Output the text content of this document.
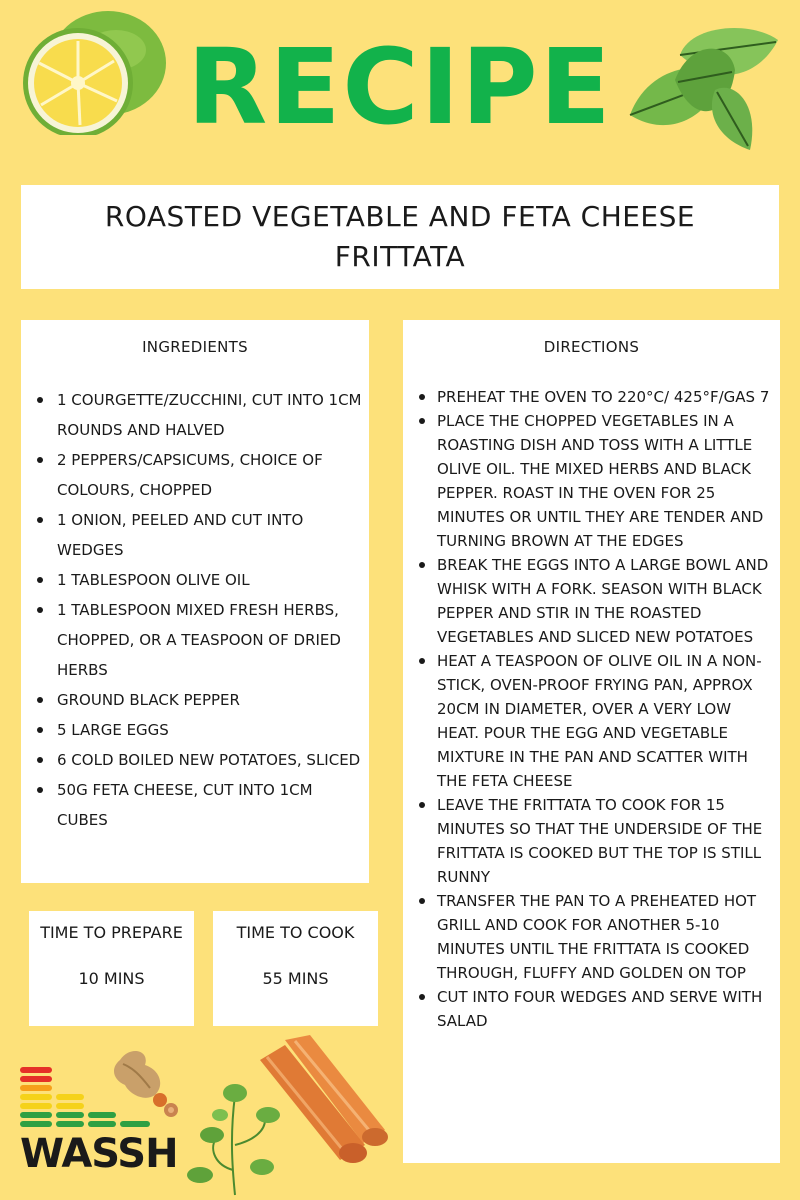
RECIPE
ROASTED VEGETABLE AND FETA CHEESE FRITTATA
INGREDIENTS
1 COURGETTE/ZUCCHINI, CUT INTO 1CM ROUNDS AND HALVED
2 PEPPERS/CAPSICUMS, CHOICE OF COLOURS, CHOPPED
1 ONION, PEELED AND CUT INTO WEDGES
1 TABLESPOON OLIVE OIL
1 TABLESPOON MIXED FRESH HERBS, CHOPPED, OR A TEASPOON OF DRIED HERBS
GROUND BLACK PEPPER
5 LARGE EGGS
6 COLD BOILED NEW POTATOES, SLICED
50G FETA CHEESE, CUT INTO 1CM CUBES
DIRECTIONS
PREHEAT THE OVEN TO 220°C/ 425°F/GAS 7
PLACE THE CHOPPED VEGETABLES IN A ROASTING DISH AND TOSS WITH A LITTLE OLIVE OIL. THE MIXED HERBS AND BLACK PEPPER. ROAST IN THE OVEN FOR 25 MINUTES OR UNTIL THEY ARE TENDER AND TURNING BROWN AT THE EDGES
BREAK THE EGGS INTO A LARGE BOWL AND WHISK WITH A FORK. SEASON WITH BLACK PEPPER AND STIR IN THE ROASTED VEGETABLES AND SLICED NEW POTATOES
HEAT A TEASPOON OF OLIVE OIL IN A NON-STICK, OVEN-PROOF FRYING PAN, APPROX 20CM IN DIAMETER, OVER A VERY LOW HEAT. POUR THE EGG AND VEGETABLE MIXTURE IN THE PAN AND SCATTER WITH THE FETA CHEESE
LEAVE THE FRITTATA TO COOK FOR 15 MINUTES SO THAT THE UNDERSIDE OF THE FRITTATA IS COOKED BUT THE TOP IS STILL RUNNY
TRANSFER THE PAN TO A PREHEATED HOT GRILL AND COOK FOR ANOTHER 5-10 MINUTES UNTIL THE FRITTATA IS COOKED THROUGH, FLUFFY AND GOLDEN ON TOP
CUT INTO FOUR WEDGES AND SERVE WITH SALAD
TIME TO PREPARE
10 MINS
TIME TO COOK
55 MINS
WASSH
